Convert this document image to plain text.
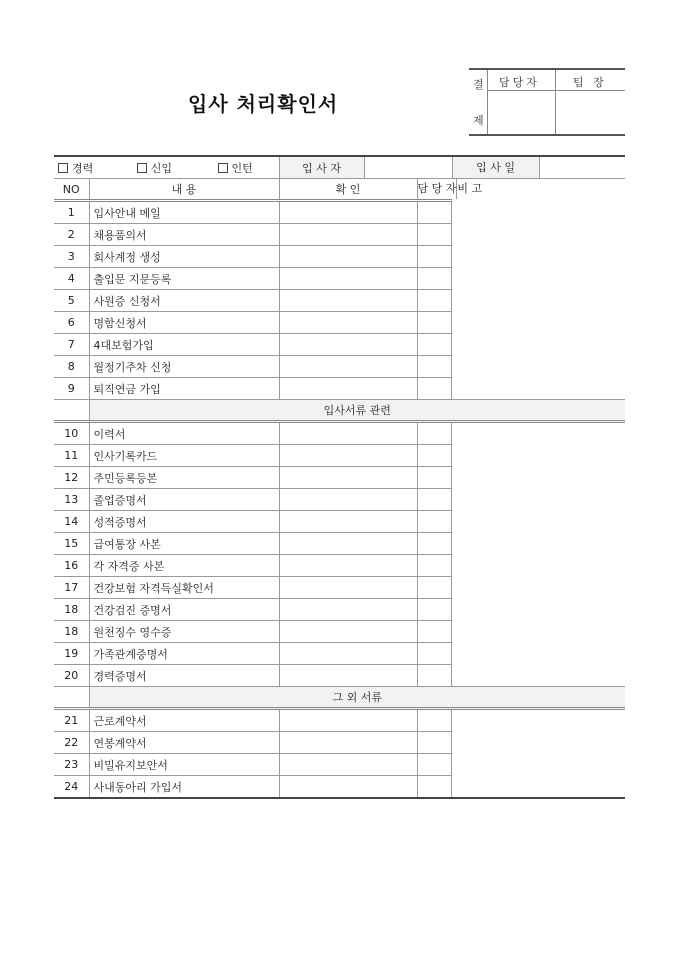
입사 처리확인서
결
제
담당자	팀 장
경력 신입 인턴		입 사 자			입 사 일

NO	내 용	확 인		담 당 자 비 고	

1	입사안내 메일				

2	채용품의서				

3	회사계정 생성				

4	출입문 지문등록				

5	사원증 신청서				

6	명함신청서				

7	4대보험가입				

8	월정기주차 신청				

9	퇴직연금 가입				

	입사서류 관련				
10	이력서				

11	인사기록카드				

12	주민등록등본				

13	졸업증명서				

14	성적증명서				

15	급여통장 사본				

16	각 자격증 사본				

17	건강보험 자격득실확인서				

18	건강검진 증명서				

18	원천징수 영수증				

19	가족관계증명서				

20	경력증명서				

	그 외 서류				
21	근로계약서				

22	연봉계약서				

23	비밀유지보안서				

24	사내동아리 가입서				
